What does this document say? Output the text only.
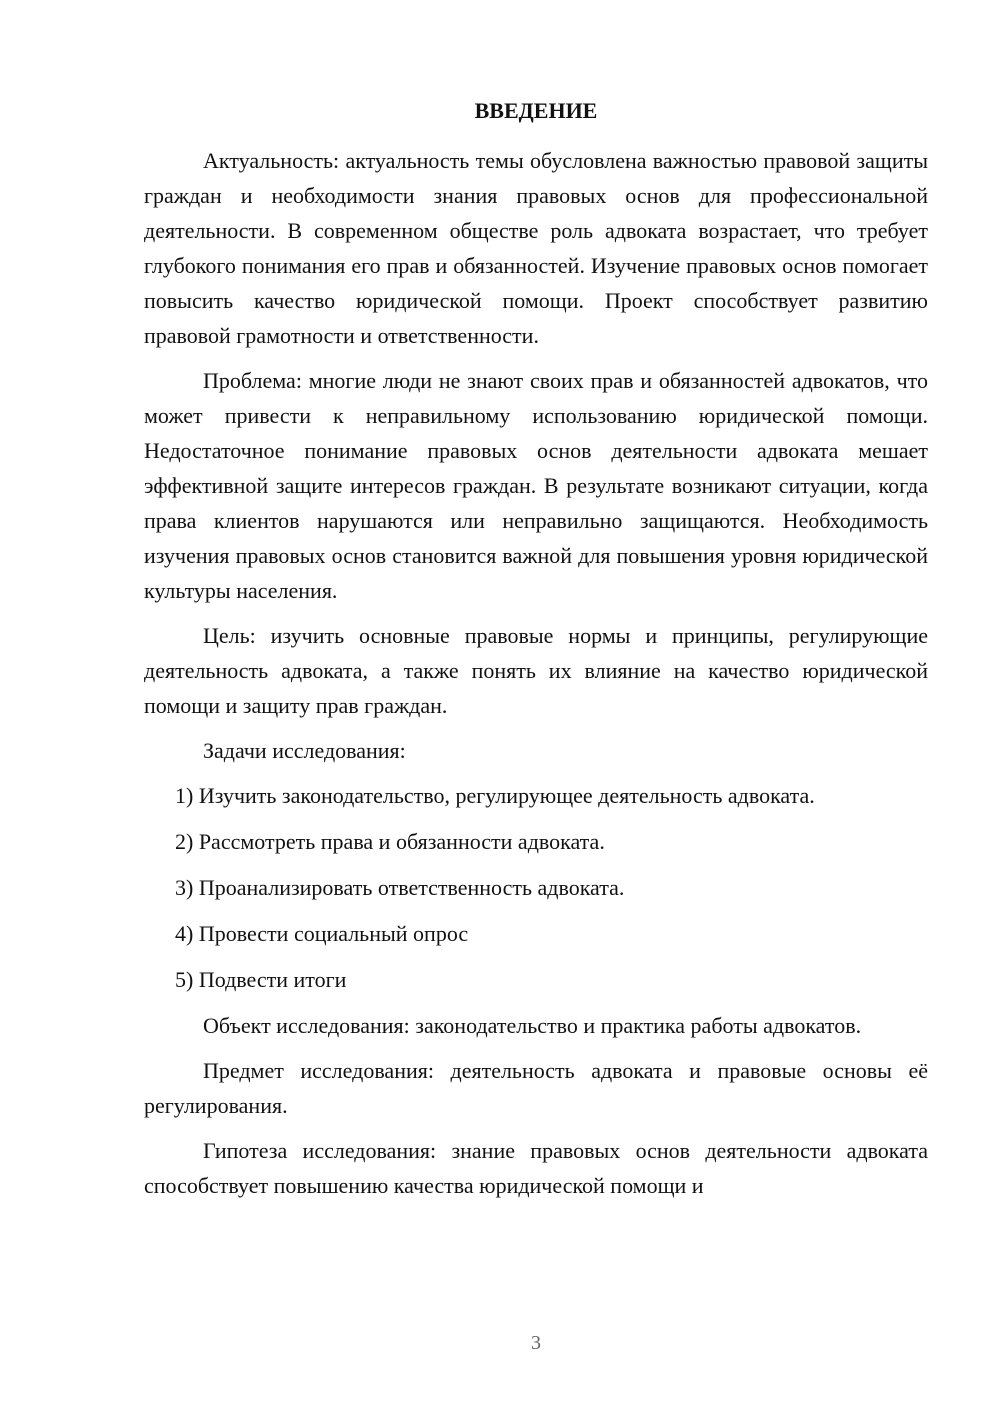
ВВЕДЕНИЕ

Актуальность: актуальность темы обусловлена важностью правовой защиты граждан и необходимости знания правовых основ для профессиональной деятельности. В современном обществе роль адвоката возрастает, что требует глубокого понимания его прав и обязанностей. Изучение правовых основ помогает повысить качество юридической помощи. Проект способствует развитию правовой грамотности и ответственности.

Проблема: многие люди не знают своих прав и обязанностей адвокатов, что может привести к неправильному использованию юридической помощи. Недостаточное понимание правовых основ деятельности адвоката мешает эффективной защите интересов граждан. В результате возникают ситуации, когда права клиентов нарушаются или неправильно защищаются. Необходимость изучения правовых основ становится важной для повышения уровня юридической культуры населения.

Цель: изучить основные правовые нормы и принципы, регулирующие деятельность адвоката, а также понять их влияние на качество юридической помощи и защиту прав граждан.

Задачи исследования:

1) Изучить законодательство, регулирующее деятельность адвоката.
2) Рассмотреть права и обязанности адвоката.
3) Проанализировать ответственность адвоката.
4) Провести социальный опрос
5) Подвести итоги

Объект исследования: законодательство и практика работы адвокатов.

Предмет исследования: деятельность адвоката и правовые основы её регулирования.

Гипотеза исследования: знание правовых основ деятельности адвоката способствует повышению качества юридической помощи и

3
